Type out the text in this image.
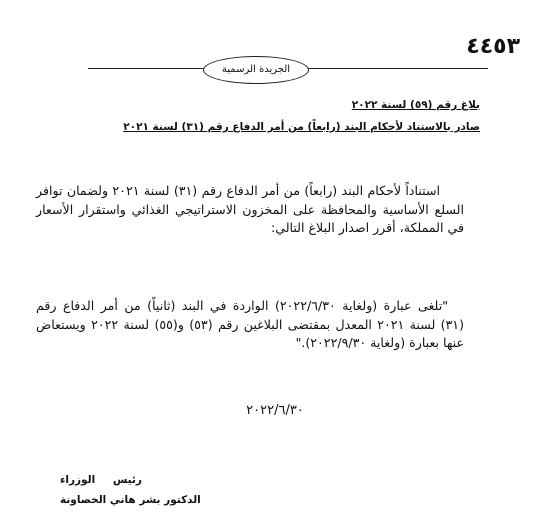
٤٤٥٣
الجريدة الرسمية
بلاغ رقم (٥٩) لسنة ٢٠٢٢
صادر بالاستناد لأحكام البند (رابعاً) من أمر الدفاع رقم (٣١) لسنة ٢٠٢١
استناداً لأحكام البند (رابعاً) من أمر الدفاع رقم (٣١) لسنة ٢٠٢١ ولضمان توافر السلع الأساسية والمحافظة على المخزون الاستراتيجي الغذائي واستقرار الأسعار في المملكة، أقرر اصدار البلاغ التالي:
"تلغى عبارة (ولغاية ٢٠٢٢/٦/٣٠) الواردة في البند (ثانياً) من أمر الدفاع رقم (٣١) لسنة ٢٠٢١ المعدل بمقتضى البلاغين رقم (٥٣) و(٥٥) لسنة ٢٠٢٢ ويستعاض عنها بعبارة (ولغاية ٢٠٢٢/٩/٣٠)."
٢٠٢٢/٦/٣٠
رئيس الوزراء
الدكتور بشر هاني الخصاونة
